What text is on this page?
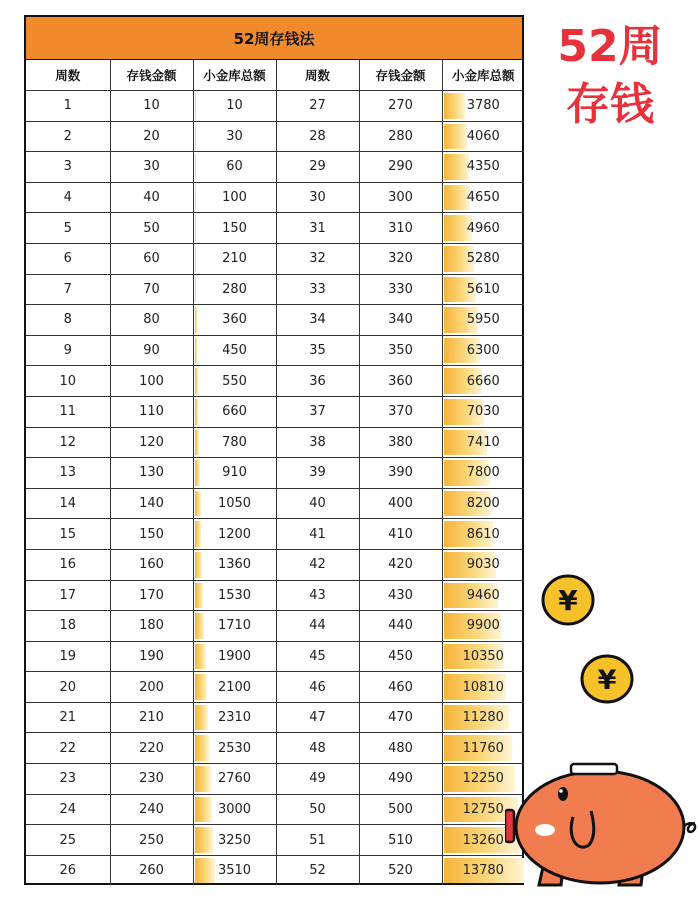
52周存钱法
周数	存钱金额	小金库总额	周数	存钱金额	小金库总额
1	10	10	27	270	3780
2	20	30	28	280	4060
3	30	60	29	290	4350
4	40	100	30	300	4650
5	50	150	31	310	4960
6	60	210	32	320	5280
7	70	280	33	330	5610
8	80	360	34	340	5950
9	90	450	35	350	6300
10	100	550	36	360	6660
11	110	660	37	370	7030
12	120	780	38	380	7410
13	130	910	39	390	7800
14	140	1050	40	400	8200
15	150	1200	41	410	8610
16	160	1360	42	420	9030
17	170	1530	43	430	9460
18	180	1710	44	440	9900
19	190	1900	45	450	10350
20	200	2100	46	460	10810
21	210	2310	47	470	11280
22	220	2530	48	480	11760
23	230	2760	49	490	12250
24	240	3000	50	500	12750
25	250	3250	51	510	13260
26	260	3510	52	520	13780
52周
存钱
¥
¥
